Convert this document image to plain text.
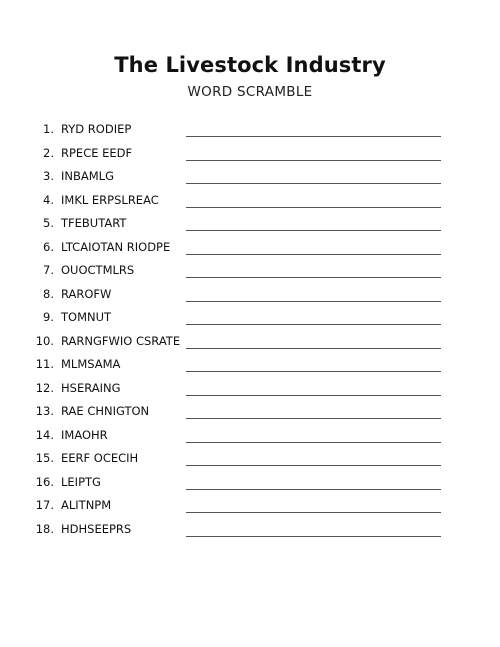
The Livestock Industry
WORD SCRAMBLE
1. RYD RODIEP
2. RPECE EEDF
3. INBAMLG
4. IMKL ERPSLREAC
5. TFEBUTART
6. LTCAIOTAN RIODPE
7. OUOCTMLRS
8. RAROFW
9. TOMNUT
10. RARNGFWIO CSRATE
11. MLMSAMA
12. HSERAING
13. RAE CHNIGTON
14. IMAOHR
15. EERF OCECIH
16. LEIPTG
17. ALITNPM
18. HDHSEEPRS
